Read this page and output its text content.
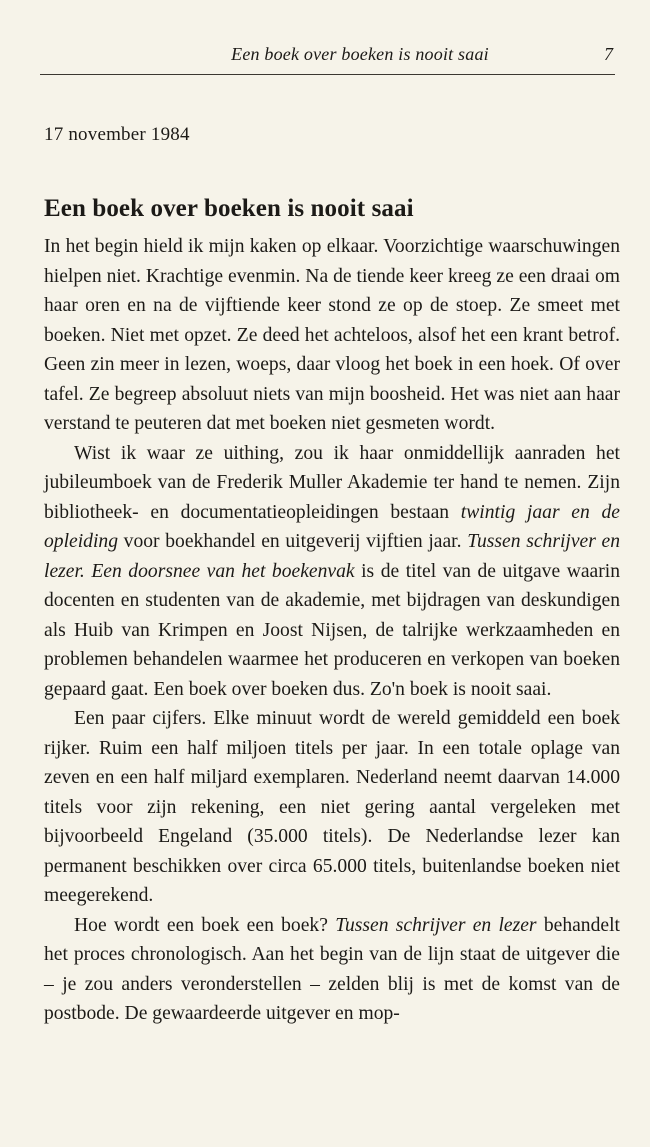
Een boek over boeken is nooit saai	7
17 november 1984
Een boek over boeken is nooit saai

In het begin hield ik mijn kaken op elkaar. Voorzichtige waarschuwingen hielpen niet. Krachtige evenmin. Na de tiende keer kreeg ze een draai om haar oren en na de vijftiende keer stond ze op de stoep. Ze smeet met boeken. Niet met opzet. Ze deed het achteloos, alsof het een krant betrof. Geen zin meer in lezen, woeps, daar vloog het boek in een hoek. Of over tafel. Ze begreep absoluut niets van mijn boosheid. Het was niet aan haar verstand te peuteren dat met boeken niet gesmeten wordt.

Wist ik waar ze uithing, zou ik haar onmiddellijk aanraden het jubileumboek van de Frederik Muller Akademie ter hand te nemen. Zijn bibliotheek- en documentatieopleidingen bestaan twintig jaar en de opleiding voor boekhandel en uitgeverij vijftien jaar. Tussen schrijver en lezer. Een doorsnee van het boekenvak is de titel van de uitgave waarin docenten en studenten van de akademie, met bijdragen van deskundigen als Huib van Krimpen en Joost Nijsen, de talrijke werkzaamheden en problemen behandelen waarmee het produceren en verkopen van boeken gepaard gaat. Een boek over boeken dus. Zo'n boek is nooit saai.

Een paar cijfers. Elke minuut wordt de wereld gemiddeld een boek rijker. Ruim een half miljoen titels per jaar. In een totale oplage van zeven en een half miljard exemplaren. Nederland neemt daarvan 14.000 titels voor zijn rekening, een niet gering aantal vergeleken met bijvoorbeeld Engeland (35.000 titels). De Nederlandse lezer kan permanent beschikken over circa 65.000 titels, buitenlandse boeken niet meegerekend.

Hoe wordt een boek een boek? Tussen schrijver en lezer behandelt het proces chronologisch. Aan het begin van de lijn staat de uitgever die – je zou anders veronderstellen – zelden blij is met de komst van de postbode. De gewaardeerde uitgever en mop-
